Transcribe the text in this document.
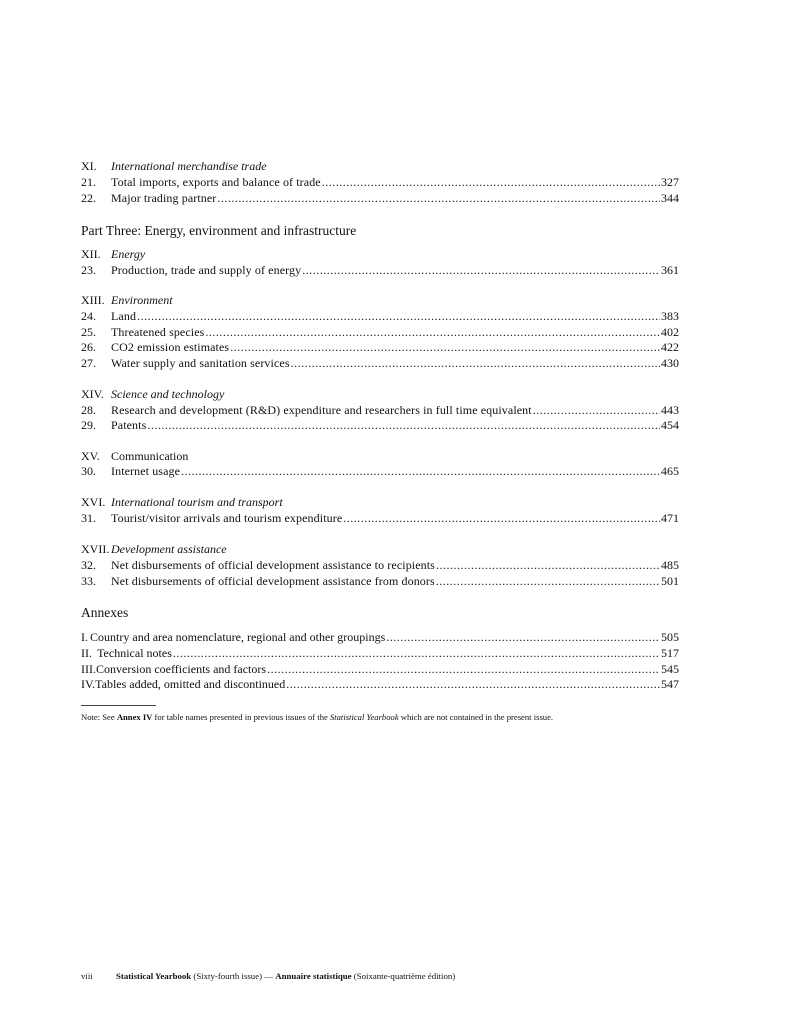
XI.	International merchandise trade
21. Total imports, exports and balance of trade .....	327
22. Major trading partner .....	344
XII. Energy
23. Production, trade and supply of energy .....	361
XIII. Environment
24. Land .....	383
25. Threatened species .....	402
26. CO2 emission estimates .....	422
27. Water supply and sanitation services .....	430
XIV. Science and technology
28. Research and development (R&D) expenditure and researchers in full time equivalent .....	443
29. Patents .....	454
XV. Communication
30. Internet usage .....	465
XVI. International tourism and transport
31. Tourist/visitor arrivals and tourism expenditure .....	471
XVII. Development assistance
32. Net disbursements of official development assistance to recipients .....	485
33. Net disbursements of official development assistance from donors .....	501
I. Country and area nomenclature, regional and other groupings .....	505
II. Technical notes .....	517
III. Conversion coefficients and factors .....	545
IV. Tables added, omitted and discontinued .....	547
Part Three: Energy, environment and infrastructure
Annexes
Note: See Annex IV for table names presented in previous issues of the Statistical Yearbook which are not contained in the present issue.
viii	Statistical Yearbook (Sixty-fourth issue) — Annuaire statistique (Soixante-quatrième édition)
